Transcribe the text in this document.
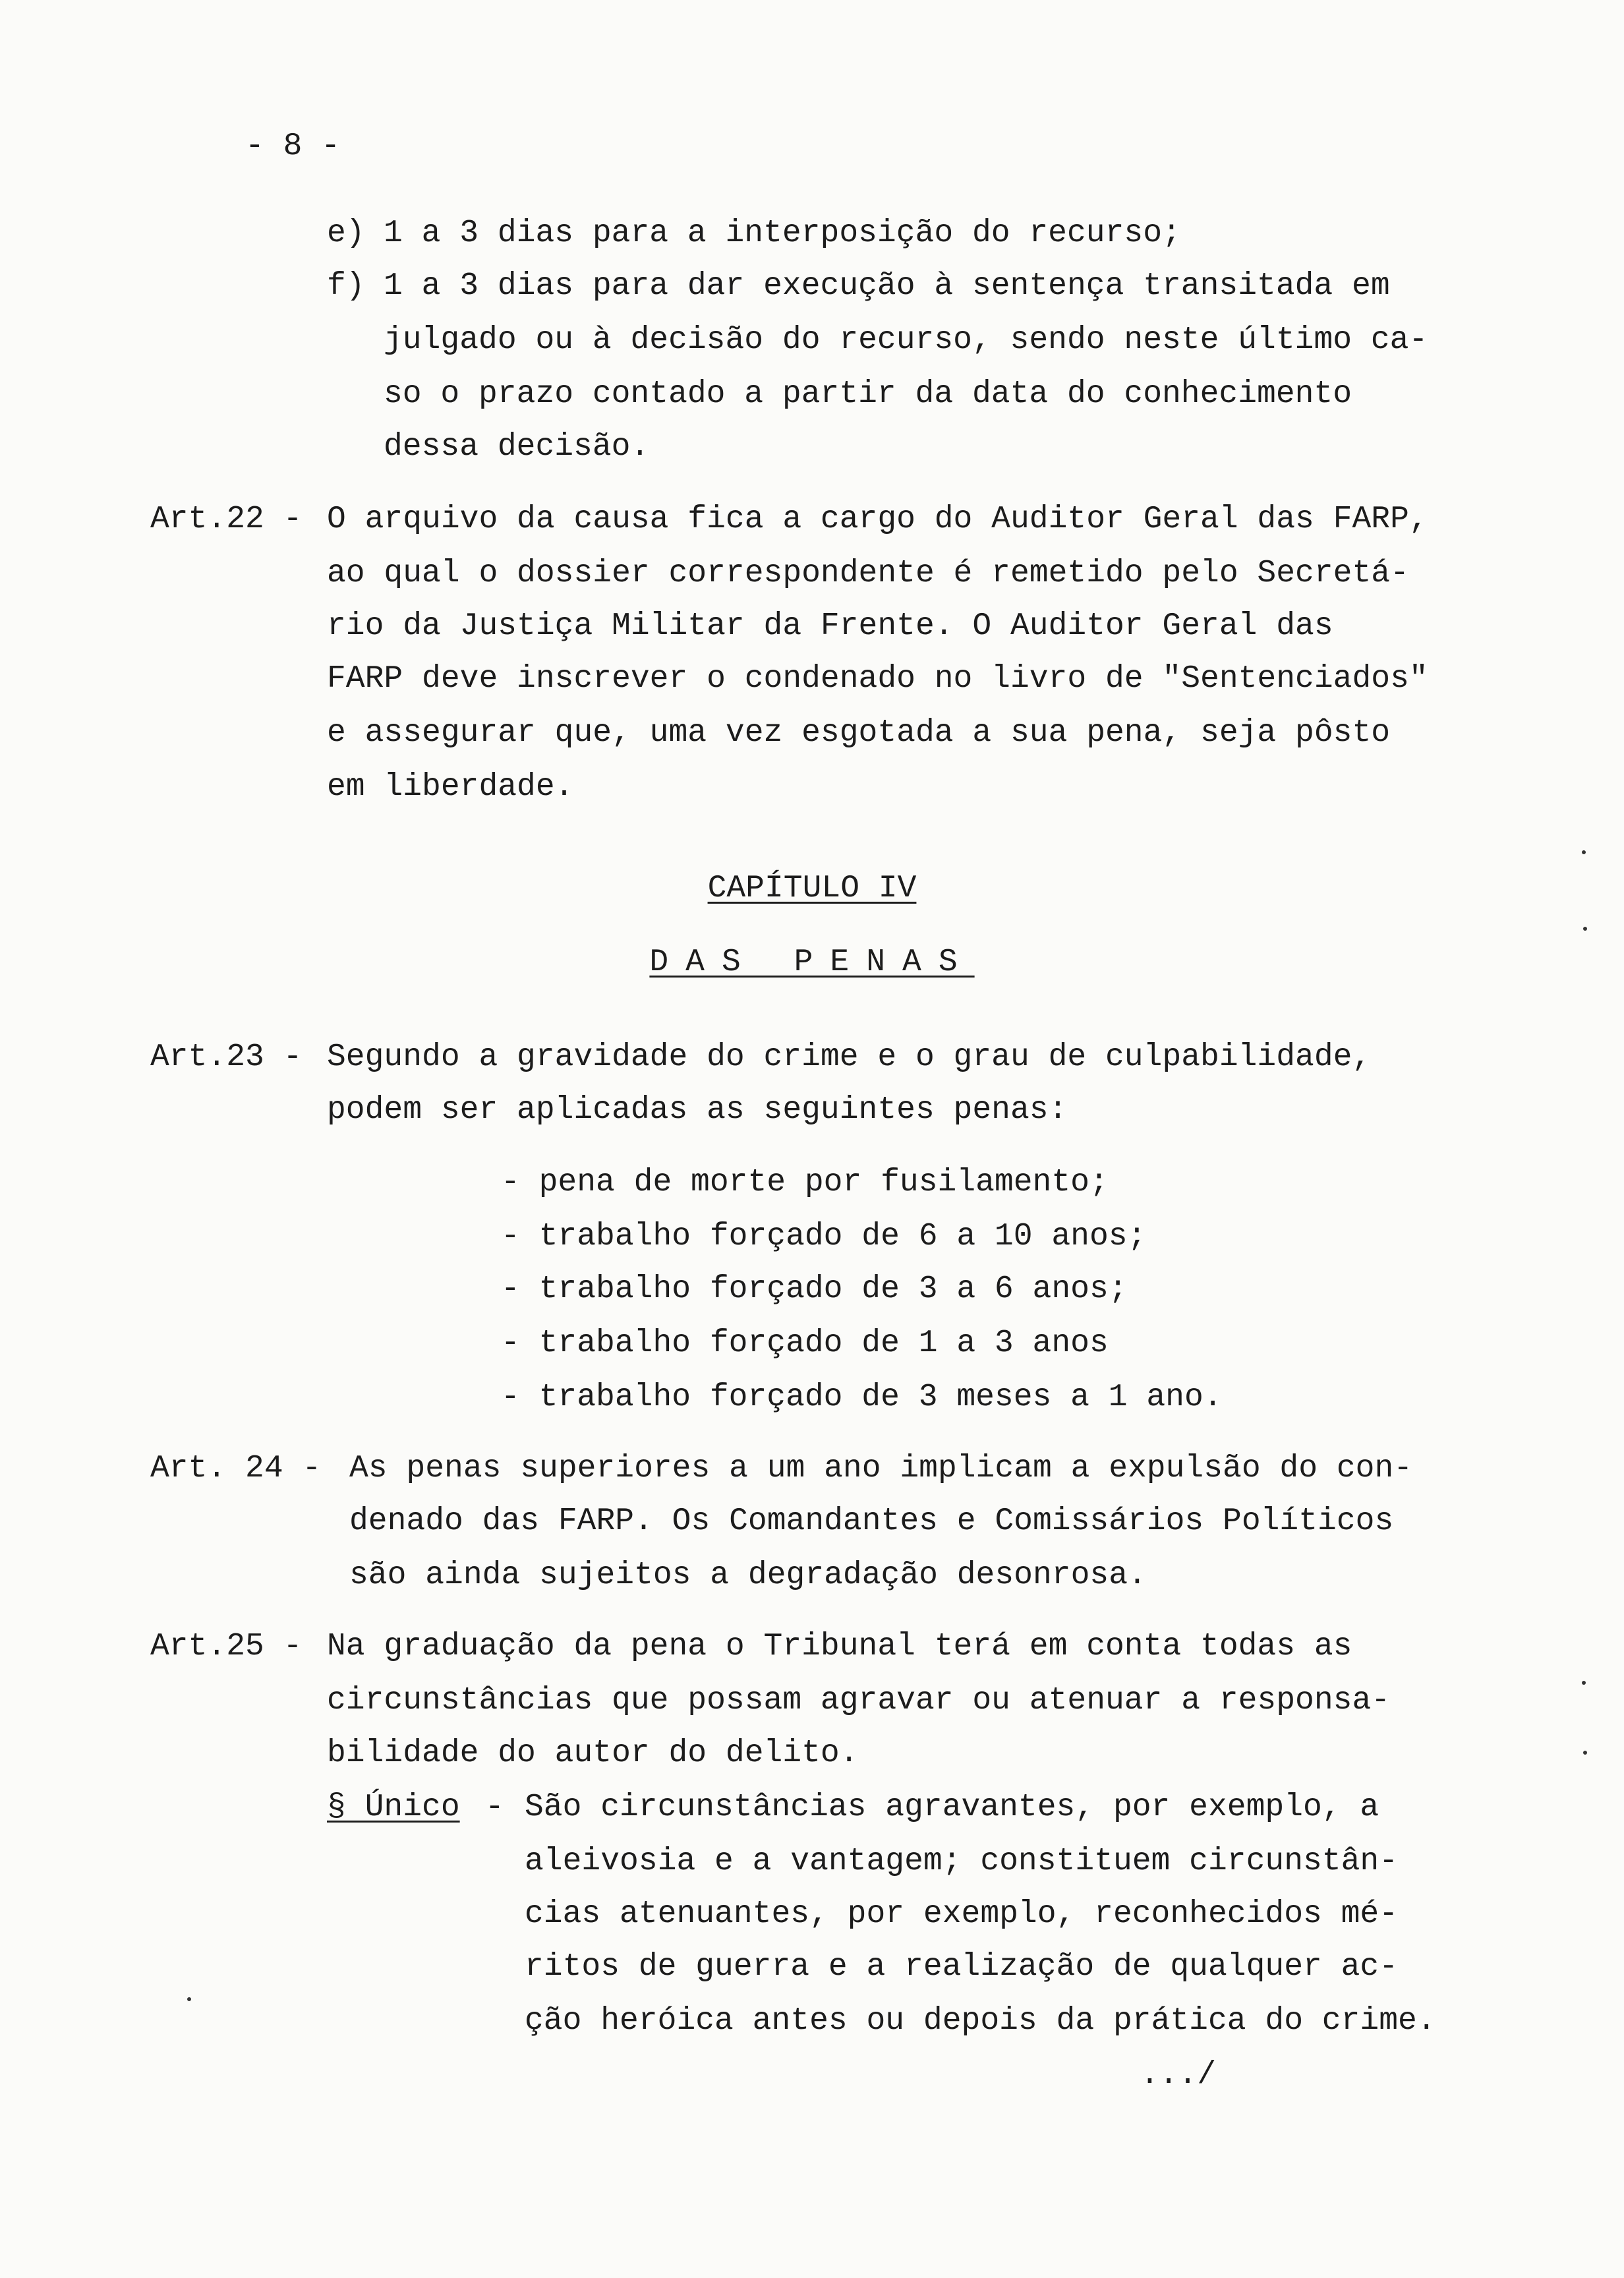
- 8 -
e) 1 a 3 dias para a interposição do recurso;
f) 1 a 3 dias para dar execução à sentença transitada em
julgado ou à decisão do recurso, sendo neste último ca-
so o prazo contado a partir da data do conhecimento
dessa decisão.
Art.22 - O arquivo da causa fica a cargo do Auditor Geral das FARP,
ao qual o dossier correspondente é remetido pelo Secretá-
rio da Justiça Militar da Frente. O Auditor Geral das
FARP deve inscrever o condenado no livro de "Sentenciados"
e assegurar que, uma vez esgotada a sua pena, seja pôsto
em liberdade.
CAPÍTULO IV
DAS PENAS
Art.23 - Segundo a gravidade do crime e o grau de culpabilidade,
podem ser aplicadas as seguintes penas:
- pena de morte por fusilamento;
- trabalho forçado de 6 a 10 anos;
- trabalho forçado de 3 a 6 anos;
- trabalho forçado de 1 a 3 anos
- trabalho forçado de 3 meses a 1 ano.
Art. 24 - As penas superiores a um ano implicam a expulsão do con-
denado das FARP. Os Comandantes e Comissários Políticos
são ainda sujeitos a degradação desonrosa.
Art.25 - Na graduação da pena o Tribunal terá em conta todas as
circunstâncias que possam agravar ou atenuar a responsa-
bilidade do autor do delito.
§ Único - São circunstâncias agravantes, por exemplo, a
aleivosia e a vantagem; constituem circunstân-
cias atenuantes, por exemplo, reconhecidos mé-
ritos de guerra e a realização de qualquer ac-
ção heróica antes ou depois da prática do crime.
.../
